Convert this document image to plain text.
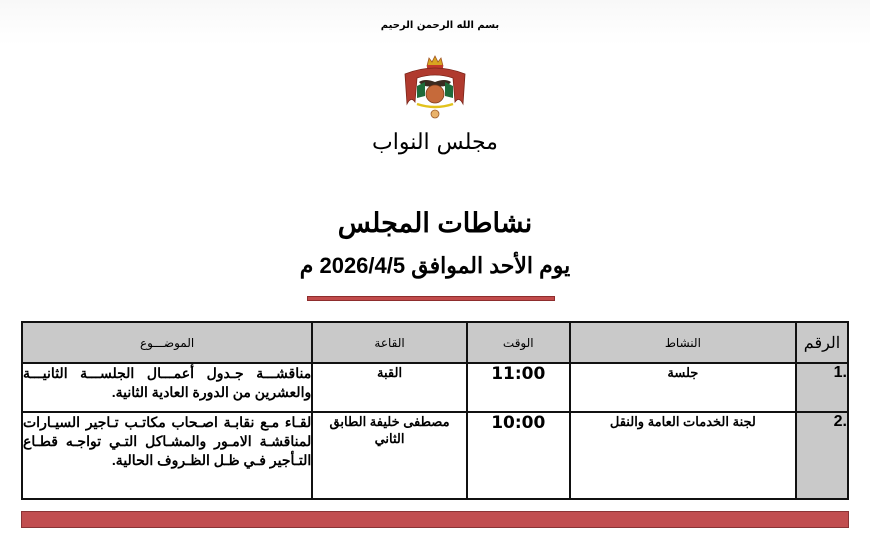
بسم الله الرحمن الرحيم
مجلس النواب
نشاطات المجلس
يوم الأحد الموافق 2026/4/5 م
الرقم	النشاط	الوقت	القاعة	الموضـــوع
1.	جلسة	11:00	القبة	مناقشـــة جـدول أعمـــال الجلســـة الثانيـــة والعشرين من الدورة العادية الثانية.
2.	لجنة الخدمات العامة والنقل	10:00	مصطفى خليفة الطابق الثاني	لقـاء مـع نقابـة اصـحاب مكاتـب تـاجير السيـارات لمناقشـة الامـور والمشـاكل التـي تواجـه قطـاع التـأجير فـي ظـل الظـروف الحالية.
